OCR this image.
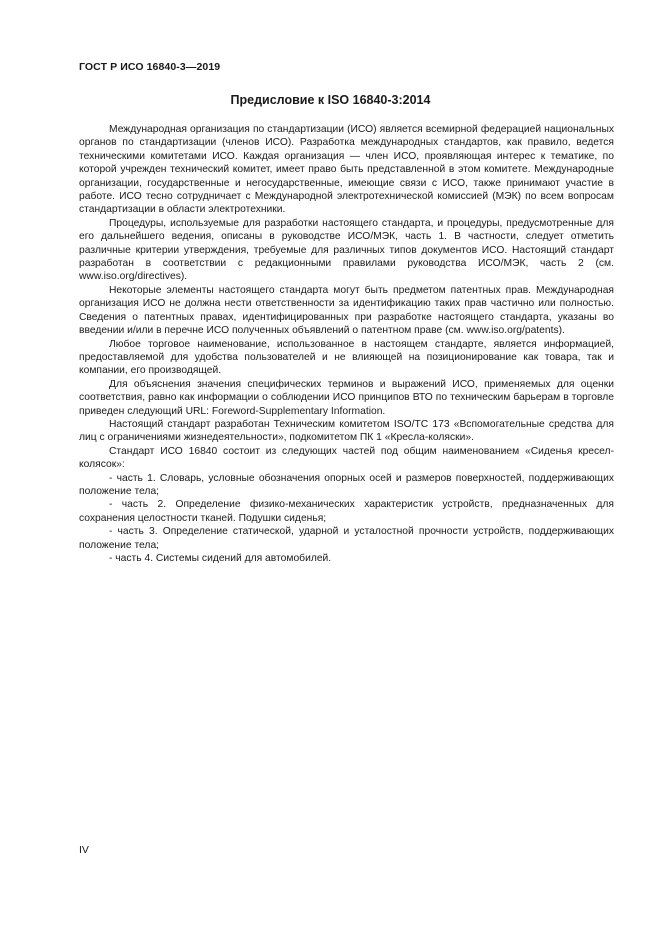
ГОСТ Р ИСО 16840-3—2019
Предисловие к ISO 16840-3:2014

Международная организация по стандартизации (ИСО) является всемирной федерацией национальных органов по стандартизации (членов ИСО). Разработка международных стандартов, как правило, ведется техническими комитетами ИСО. Каждая организация — член ИСО, проявляющая интерес к тематике, по которой учрежден технический комитет, имеет право быть представленной в этом комитете. Международные организации, государственные и негосударственные, имеющие связи с ИСО, также принимают участие в работе. ИСО тесно сотрудничает с Международной электротехнической комиссией (МЭК) по всем вопросам стандартизации в области электротехники.

Процедуры, используемые для разработки настоящего стандарта, и процедуры, предусмотренные для его дальнейшего ведения, описаны в руководстве ИСО/МЭК, часть 1. В частности, следует отметить различные критерии утверждения, требуемые для различных типов документов ИСО. Настоящий стандарт разработан в соответствии с редакционными правилами руководства ИСО/МЭК, часть 2 (см. www.iso.org/directives).

Некоторые элементы настоящего стандарта могут быть предметом патентных прав. Международная организация ИСО не должна нести ответственности за идентификацию таких прав частично или полностью. Сведения о патентных правах, идентифицированных при разработке настоящего стандарта, указаны во введении и/или в перечне ИСО полученных объявлений о патентном праве (см. www.iso.org/patents).

Любое торговое наименование, использованное в настоящем стандарте, является информацией, предоставляемой для удобства пользователей и не влияющей на позиционирование как товара, так и компании, его производящей.

Для объяснения значения специфических терминов и выражений ИСО, применяемых для оценки соответствия, равно как информации о соблюдении ИСО принципов ВТО по техническим барьерам в торговле приведен следующий URL: Foreword-Supplementary Information.

Настоящий стандарт разработан Техническим комитетом ISO/TC 173 «Вспомогательные средства для лиц с ограничениями жизнедеятельности», подкомитетом ПК 1 «Кресла-коляски».

Стандарт ИСО 16840 состоит из следующих частей под общим наименованием «Сиденья кресел-колясок»:

- часть 1. Словарь, условные обозначения опорных осей и размеров поверхностей, поддерживающих положение тела;

- часть 2. Определение физико-механических характеристик устройств, предназначенных для сохранения целостности тканей. Подушки сиденья;

- часть 3. Определение статической, ударной и усталостной прочности устройств, поддерживающих положение тела;

- часть 4. Системы сидений для автомобилей.

IV
